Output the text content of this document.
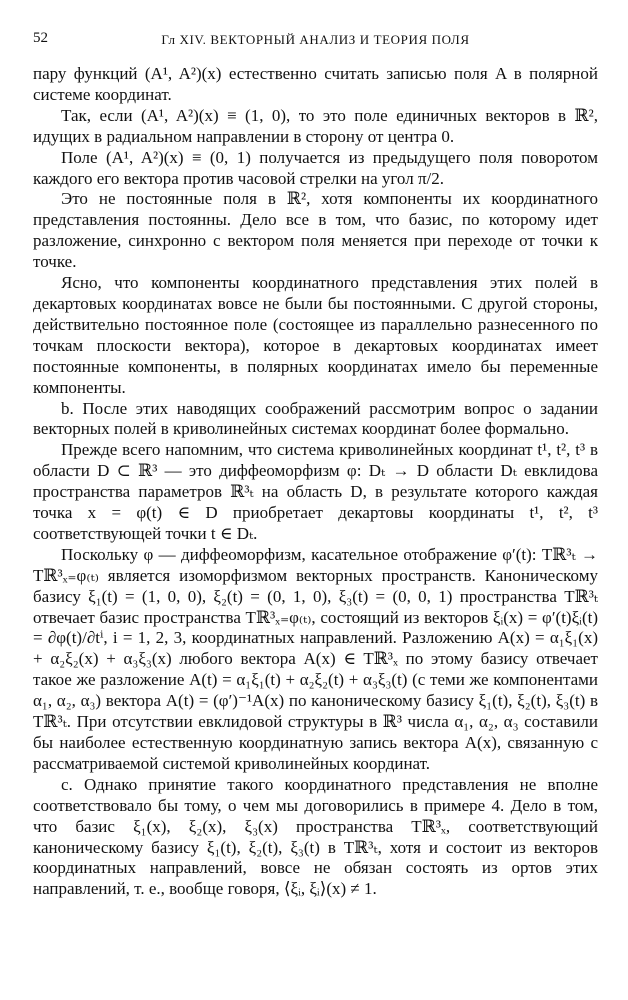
52	Гл XIV. ВЕКТОРНЫЙ АНАЛИЗ И ТЕОРИЯ ПОЛЯ

пару функций (A¹, A²)(x) естественно считать записью поля A в полярной системе координат.

Так, если (A¹, A²)(x) ≡ (1, 0), то это поле единичных векторов в ℝ², идущих в радиальном направлении в сторону от центра 0.

Поле (A¹, A²)(x) ≡ (0, 1) получается из предыдущего поля поворотом каждого его вектора против часовой стрелки на угол π/2.

Это не постоянные поля в ℝ², хотя компоненты их координатного представления постоянны. Дело все в том, что базис, по которому идет разложение, синхронно с вектором поля меняется при переходе от точки к точке.

Ясно, что компоненты координатного представления этих полей в декартовых координатах вовсе не были бы постоянными. С другой стороны, действительно постоянное поле (состоящее из параллельно разнесенного по точкам плоскости вектора), которое в декартовых координатах имеет постоянные компоненты, в полярных координатах имело бы переменные компоненты.

b. После этих наводящих соображений рассмотрим вопрос о задании векторных полей в криволинейных системах координат более формально.

Прежде всего напомним, что система криволинейных координат t¹, t², t³ в области D ⊂ ℝ³ — это диффеоморфизм φ: Dₜ → D области Dₜ евклидова пространства параметров ℝ³ₜ на область D, в результате которого каждая точка x = φ(t) ∈ D приобретает декартовы координаты t¹, t², t³ соответствующей точки t ∈ Dₜ.

Поскольку φ — диффеоморфизм, касательное отображение φ′(t): Tℝ³ₜ → Tℝ³ₓ₌φ₍ₜ₎ является изоморфизмом векторных пространств. Каноническому базису ξ₁(t) = (1, 0, 0), ξ₂(t) = (0, 1, 0), ξ₃(t) = (0, 0, 1) пространства Tℝ³ₜ отвечает базис пространства Tℝ³ₓ₌φ₍ₜ₎, состоящий из векторов ξᵢ(x) = φ′(t)ξᵢ(t) = ∂φ(t)/∂tⁱ, i = 1, 2, 3, координатных направлений. Разложению A(x) = α₁ξ₁(x) + α₂ξ₂(x) + α₃ξ₃(x) любого вектора A(x) ∈ Tℝ³ₓ по этому базису отвечает такое же разложение A(t) = α₁ξ₁(t) + α₂ξ₂(t) + α₃ξ₃(t) (с теми же компонентами α₁, α₂, α₃) вектора A(t) = (φ′)⁻¹A(x) по каноническому базису ξ₁(t), ξ₂(t), ξ₃(t) в Tℝ³ₜ. При отсутствии евклидовой структуры в ℝ³ числа α₁, α₂, α₃ составили бы наиболее естественную координатную запись вектора A(x), связанную с рассматриваемой системой криволинейных координат.

c. Однако принятие такого координатного представления не вполне соответствовало бы тому, о чем мы договорились в примере 4. Дело в том, что базис ξ₁(x), ξ₂(x), ξ₃(x) пространства Tℝ³ₓ, соответствующий каноническому базису ξ₁(t), ξ₂(t), ξ₃(t) в Tℝ³ₜ, хотя и состоит из векторов координатных направлений, вовсе не обязан состоять из ортов этих направлений, т. е., вообще говоря, ⟨ξᵢ, ξᵢ⟩(x) ≠ 1.
